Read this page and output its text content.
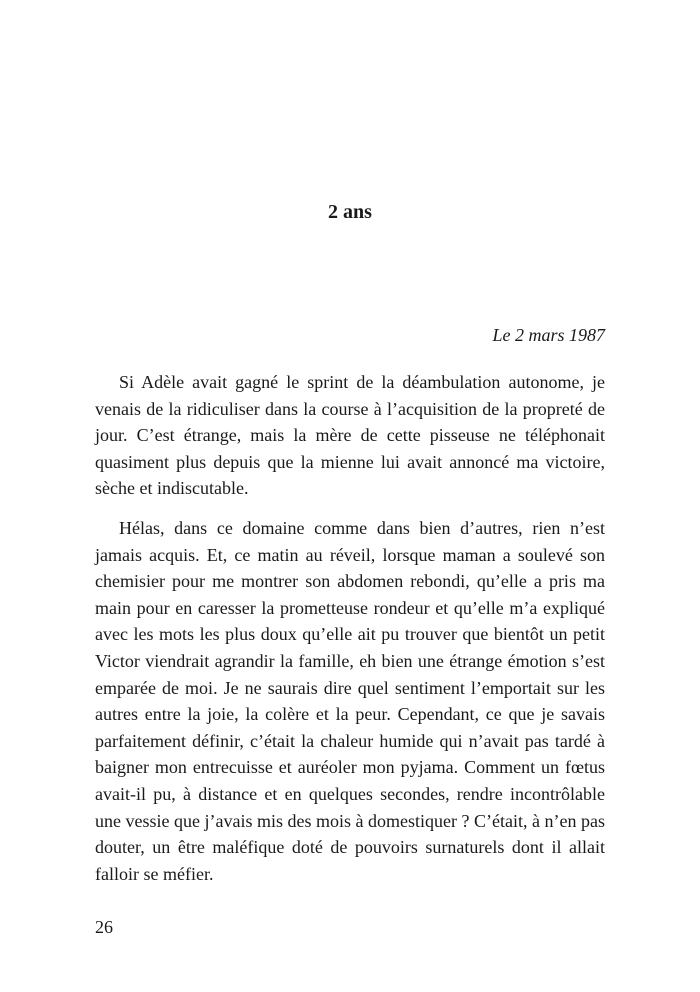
2 ans
Le 2 mars 1987

Si Adèle avait gagné le sprint de la déambulation autonome, je venais de la ridiculiser dans la course à l’acquisition de la propreté de jour. C’est étrange, mais la mère de cette pisseuse ne téléphonait quasiment plus depuis que la mienne lui avait annoncé ma victoire, sèche et indiscutable.

Hélas, dans ce domaine comme dans bien d’autres, rien n’est jamais acquis. Et, ce matin au réveil, lorsque maman a soulevé son chemisier pour me montrer son abdomen rebondi, qu’elle a pris ma main pour en caresser la prometteuse rondeur et qu’elle m’a expliqué avec les mots les plus doux qu’elle ait pu trouver que bientôt un petit Victor viendrait agrandir la famille, eh bien une étrange émotion s’est emparée de moi. Je ne saurais dire quel sentiment l’emportait sur les autres entre la joie, la colère et la peur. Cependant, ce que je savais parfaitement définir, c’était la chaleur humide qui n’avait pas tardé à baigner mon entrecuisse et auréoler mon pyjama. Comment un fœtus avait-il pu, à distance et en quelques secondes, rendre incontrôlable une vessie que j’avais mis des mois à domestiquer ? C’était, à n’en pas douter, un être maléfique doté de pouvoirs surnaturels dont il allait falloir se méfier.

26
